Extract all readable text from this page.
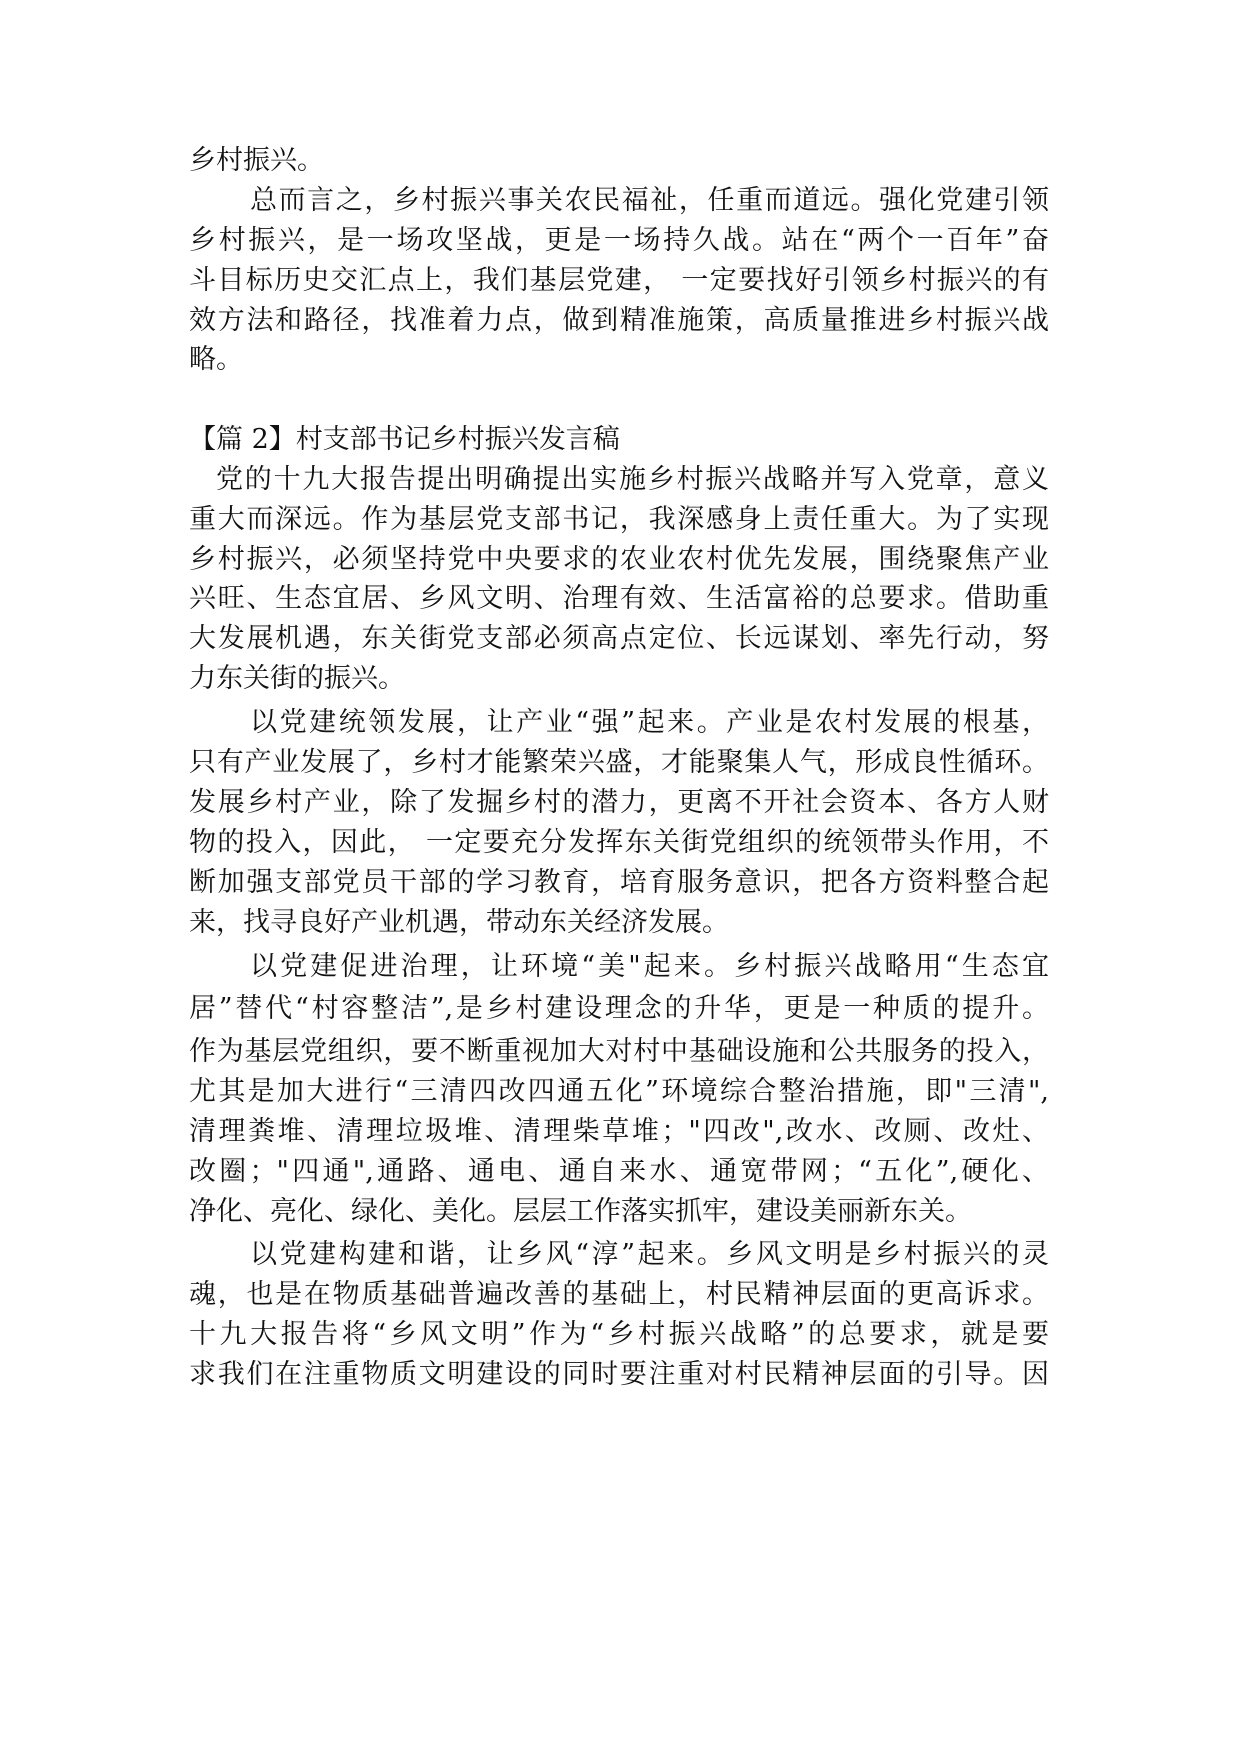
乡村振兴。
总而言之，乡村振兴事关农民福祉，任重而道远。强化党建引领
乡村振兴，是一场攻坚战，更是一场持久战。站在“两个一百年”奋
斗目标历史交汇点上，我们基层党建， 一定要找好引领乡村振兴的有
效方法和路径，找准着力点，做到精准施策，高质量推进乡村振兴战
略。
【篇 2】村支部书记乡村振兴发言稿
党的十九大报告提出明确提出实施乡村振兴战略并写入党章，意义
重大而深远。作为基层党支部书记，我深感身上责任重大。为了实现
乡村振兴，必须坚持党中央要求的农业农村优先发展，围绕聚焦产业
兴旺、生态宜居、乡风文明、治理有效、生活富裕的总要求。借助重
大发展机遇，东关街党支部必须高点定位、长远谋划、率先行动，努
力东关街的振兴。
以党建统领发展，让产业“强”起来。产业是农村发展的根基，
只有产业发展了，乡村才能繁荣兴盛，才能聚集人气，形成良性循环。
发展乡村产业，除了发掘乡村的潜力，更离不开社会资本、各方人财
物的投入，因此， 一定要充分发挥东关街党组织的统领带头作用，不
断加强支部党员干部的学习教育，培育服务意识，把各方资料整合起
来，找寻良好产业机遇，带动东关经济发展。
以党建促进治理，让环境“美"起来。乡村振兴战略用“生态宜
居”替代“村容整洁”,是乡村建设理念的升华，更是一种质的提升。
作为基层党组织，要不断重视加大对村中基础设施和公共服务的投入，
尤其是加大进行“三清四改四通五化”环境综合整治措施，即"三清",
清理粪堆、清理垃圾堆、清理柴草堆；"四改",改水、改厕、改灶、
改圈；"四通",通路、通电、通自来水、通宽带网；“五化”,硬化、
净化、亮化、绿化、美化。层层工作落实抓牢，建设美丽新东关。
以党建构建和谐，让乡风“淳”起来。乡风文明是乡村振兴的灵
魂，也是在物质基础普遍改善的基础上，村民精神层面的更高诉求。
十九大报告将“乡风文明”作为“乡村振兴战略”的总要求，就是要
求我们在注重物质文明建设的同时要注重对村民精神层面的引导。因
